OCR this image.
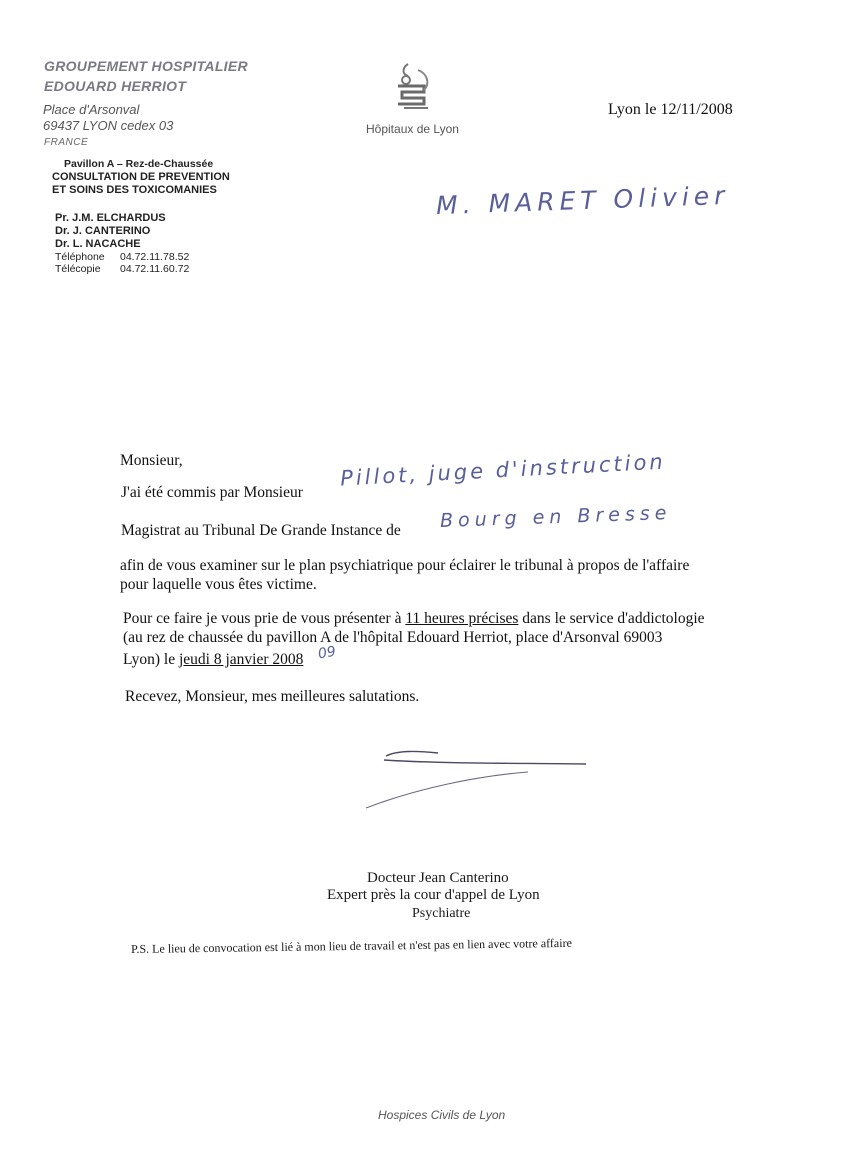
GROUPEMENT HOSPITALIER
EDOUARD HERRIOT
Place d'Arsonval
69437 LYON cedex 03
FRANCE
Hôpitaux de Lyon
Lyon le 12/11/2008
Pavillon A – Rez-de-Chaussée
CONSULTATION DE PREVENTION
ET SOINS DES TOXICOMANIES
Pr. J.M. ELCHARDUS
Dr. J. CANTERINO
Dr. L. NACACHE
Téléphone 04.72.11.78.52
Télécopie 04.72.11.60.72
M. MARET Olivier
Monsieur,
J'ai été commis par Monsieur
Pillot, juge d'instruction
Magistrat au Tribunal De Grande Instance de Bourg en Bresse
afin de vous examiner sur le plan psychiatrique pour éclairer le tribunal à propos de l'affaire
pour laquelle vous êtes victime.
Pour ce faire je vous prie de vous présenter à 11 heures précises dans le service d'addictologie
(au rez de chaussée du pavillon A de l'hôpital Edouard Herriot, place d'Arsonval 69003
Lyon) le jeudi 8 janvier 2008 09
Recevez, Monsieur, mes meilleures salutations.
Docteur Jean Canterino
Expert près la cour d'appel de Lyon
Psychiatre
P.S. Le lieu de convocation est lié à mon lieu de travail et n'est pas en lien avec votre affaire
Hospices Civils de Lyon
